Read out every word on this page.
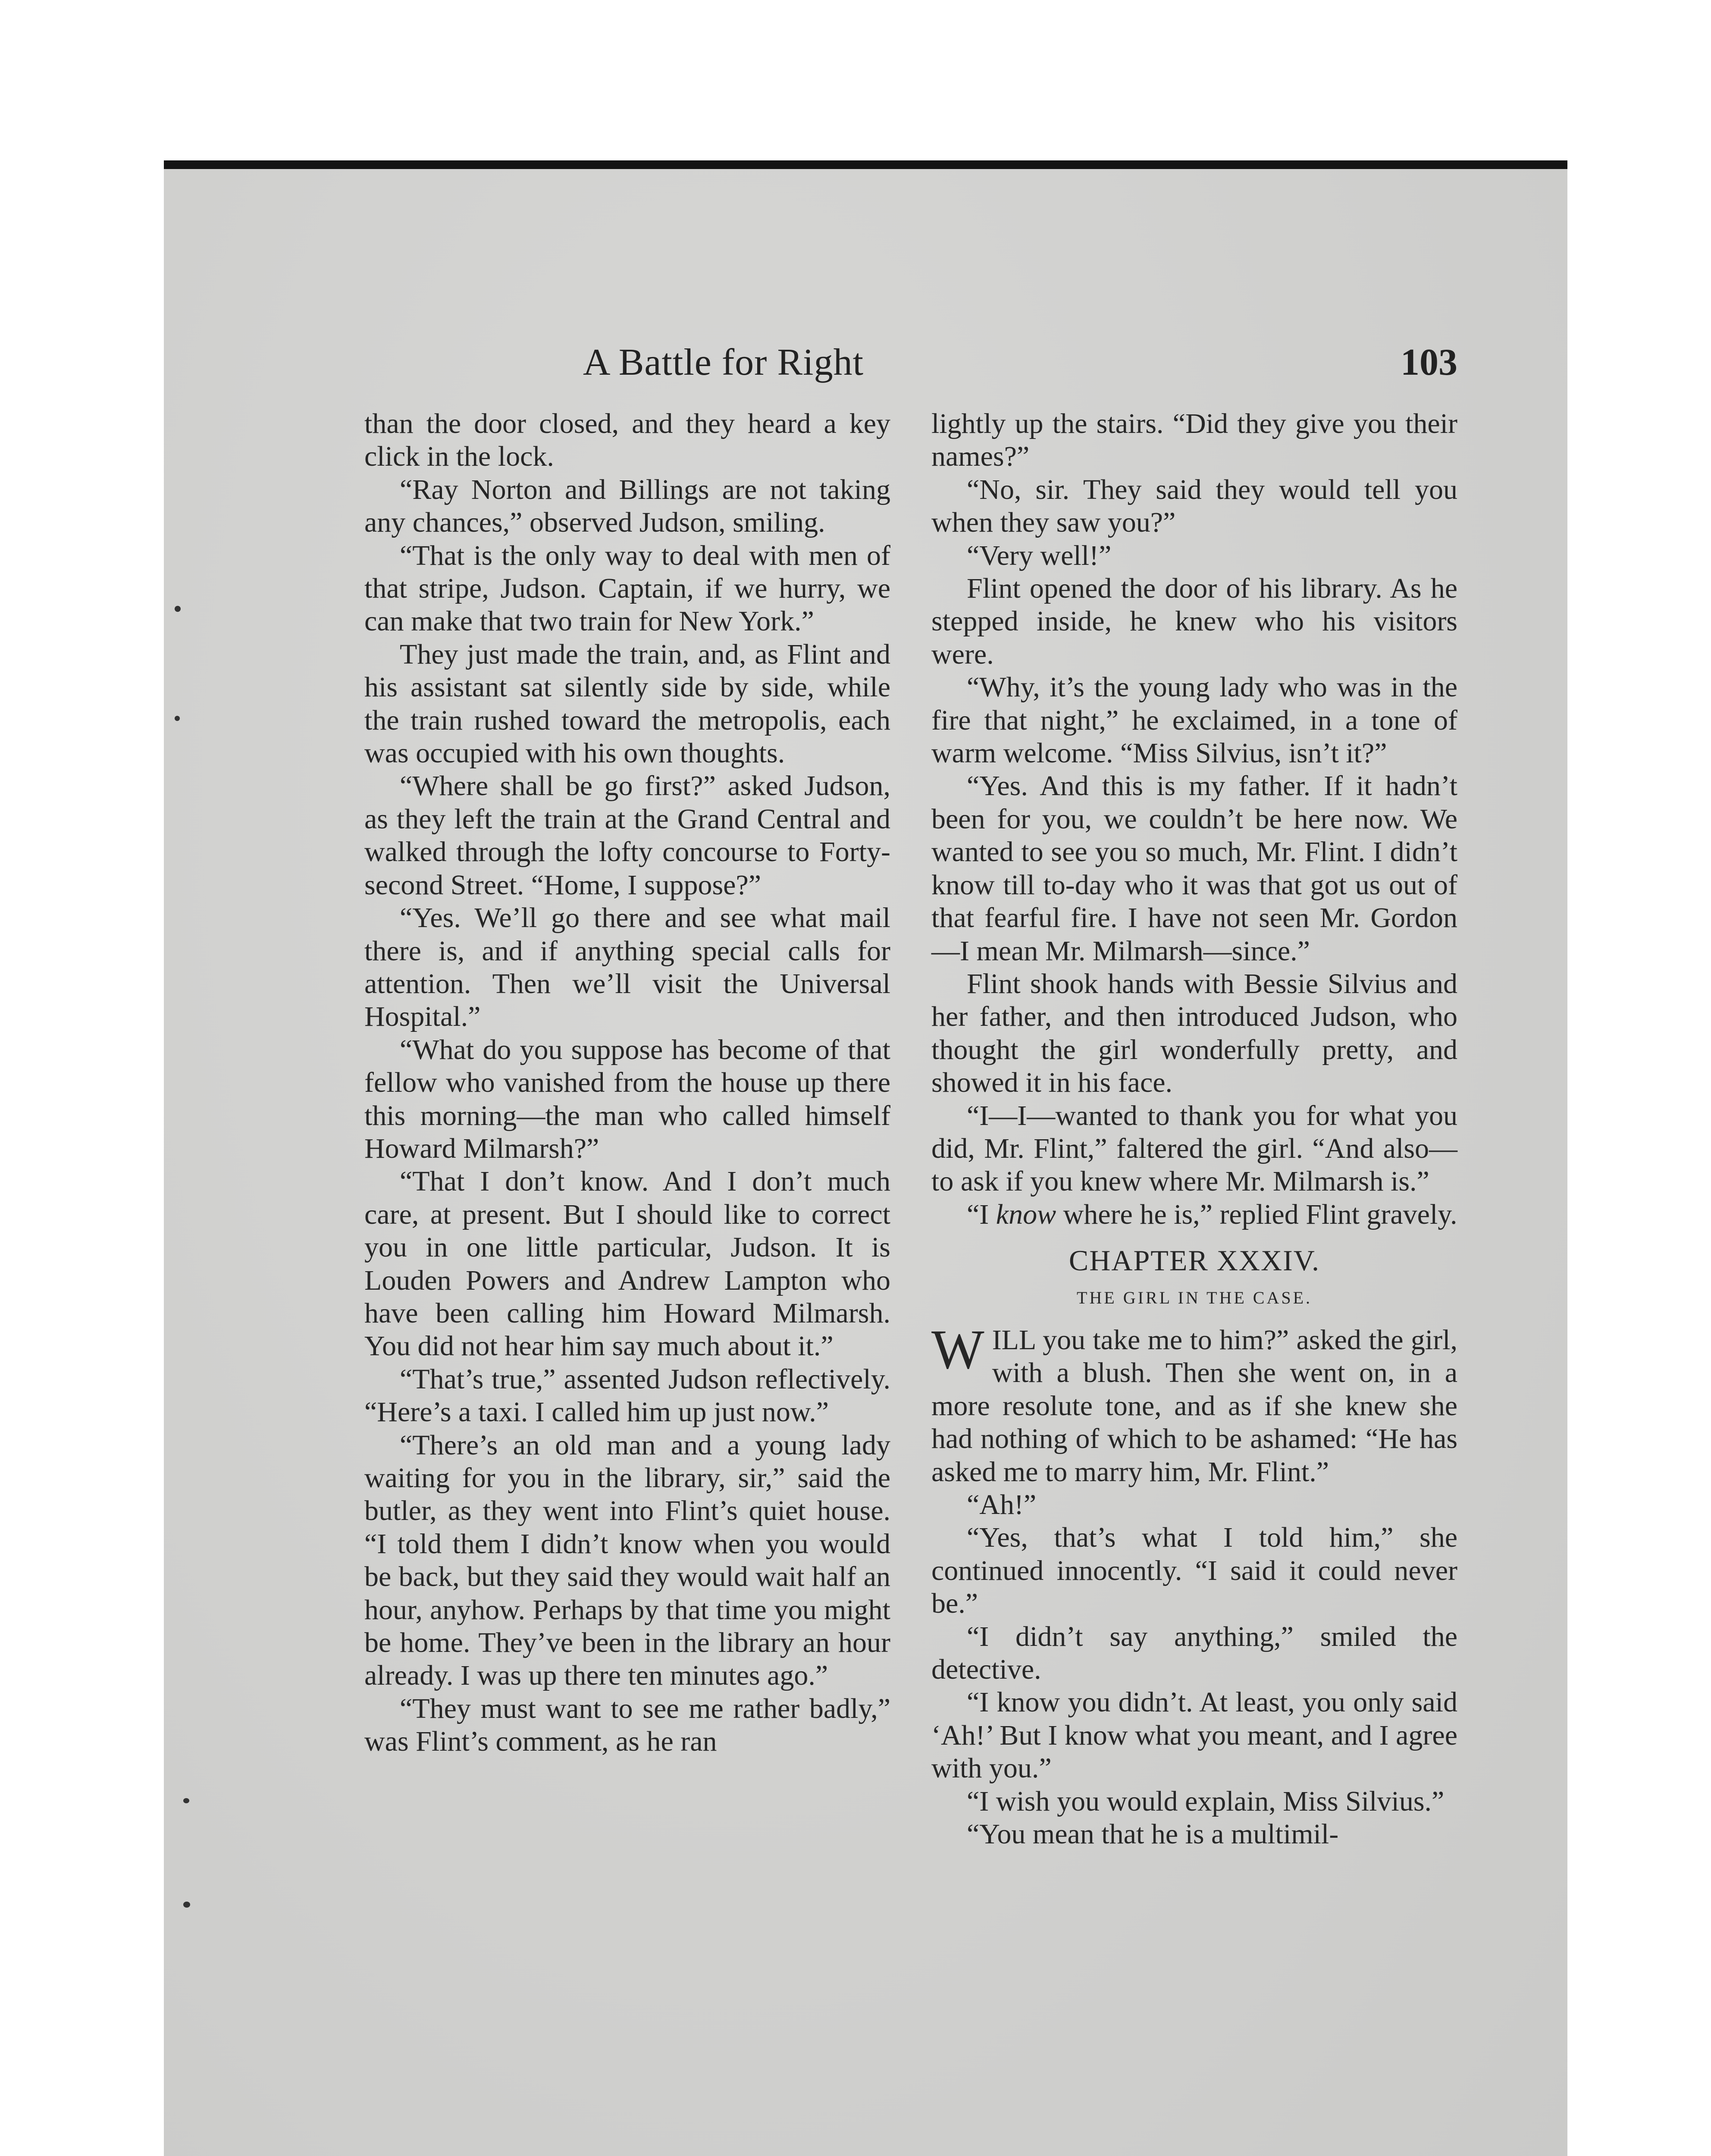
A Battle for Right	103

than the door closed, and they heard a key click in the lock.

“Ray Norton and Billings are not taking any chances,” observed Judson, smiling.

“That is the only way to deal with men of that stripe, Judson. Captain, if we hurry, we can make that two train for New York.”

They just made the train, and, as Flint and his assistant sat silently side by side, while the train rushed toward the metropolis, each was occupied with his own thoughts.

“Where shall be go first?” asked Judson, as they left the train at the Grand Central and walked through the lofty concourse to Forty-second Street. “Home, I suppose?”

“Yes. We’ll go there and see what mail there is, and if anything special calls for attention. Then we’ll visit the Universal Hospital.”

“What do you suppose has become of that fellow who vanished from the house up there this morning—the man who called himself Howard Milmarsh?”

“That I don’t know. And I don’t much care, at present. But I should like to correct you in one little particular, Judson. It is Louden Powers and Andrew Lampton who have been calling him Howard Milmarsh. You did not hear him say much about it.”

“That’s true,” assented Judson reflectively. “Here’s a taxi. I called him up just now.”

“There’s an old man and a young lady waiting for you in the library, sir,” said the butler, as they went into Flint’s quiet house. “I told them I didn’t know when you would be back, but they said they would wait half an hour, anyhow. Perhaps by that time you might be home. They’ve been in the library an hour already. I was up there ten minutes ago.”

“They must want to see me rather badly,” was Flint’s comment, as he ran

lightly up the stairs. “Did they give you their names?”

“No, sir. They said they would tell you when they saw you?”

“Very well!”

Flint opened the door of his library. As he stepped inside, he knew who his visitors were.

“Why, it’s the young lady who was in the fire that night,” he exclaimed, in a tone of warm welcome. “Miss Silvius, isn’t it?”

“Yes. And this is my father. If it hadn’t been for you, we couldn’t be here now. We wanted to see you so much, Mr. Flint. I didn’t know till to-day who it was that got us out of that fearful fire. I have not seen Mr. Gordon—I mean Mr. Milmarsh—since.”

Flint shook hands with Bessie Silvius and her father, and then introduced Judson, who thought the girl wonderfully pretty, and showed it in his face.

“I—I—wanted to thank you for what you did, Mr. Flint,” faltered the girl. “And also—to ask if you knew where Mr. Milmarsh is.”

“I know where he is,” replied Flint gravely.

CHAPTER XXXIV.
THE GIRL IN THE CASE.

WILL you take me to him?” asked the girl, with a blush. Then she went on, in a more resolute tone, and as if she knew she had nothing of which to be ashamed: “He has asked me to marry him, Mr. Flint.”

“Ah!”

“Yes, that’s what I told him,” she continued innocently. “I said it could never be.”

“I didn’t say anything,” smiled the detective.

“I know you didn’t. At least, you only said ‘Ah!’ But I know what you meant, and I agree with you.”

“I wish you would explain, Miss Silvius.”

“You mean that he is a multimil-
